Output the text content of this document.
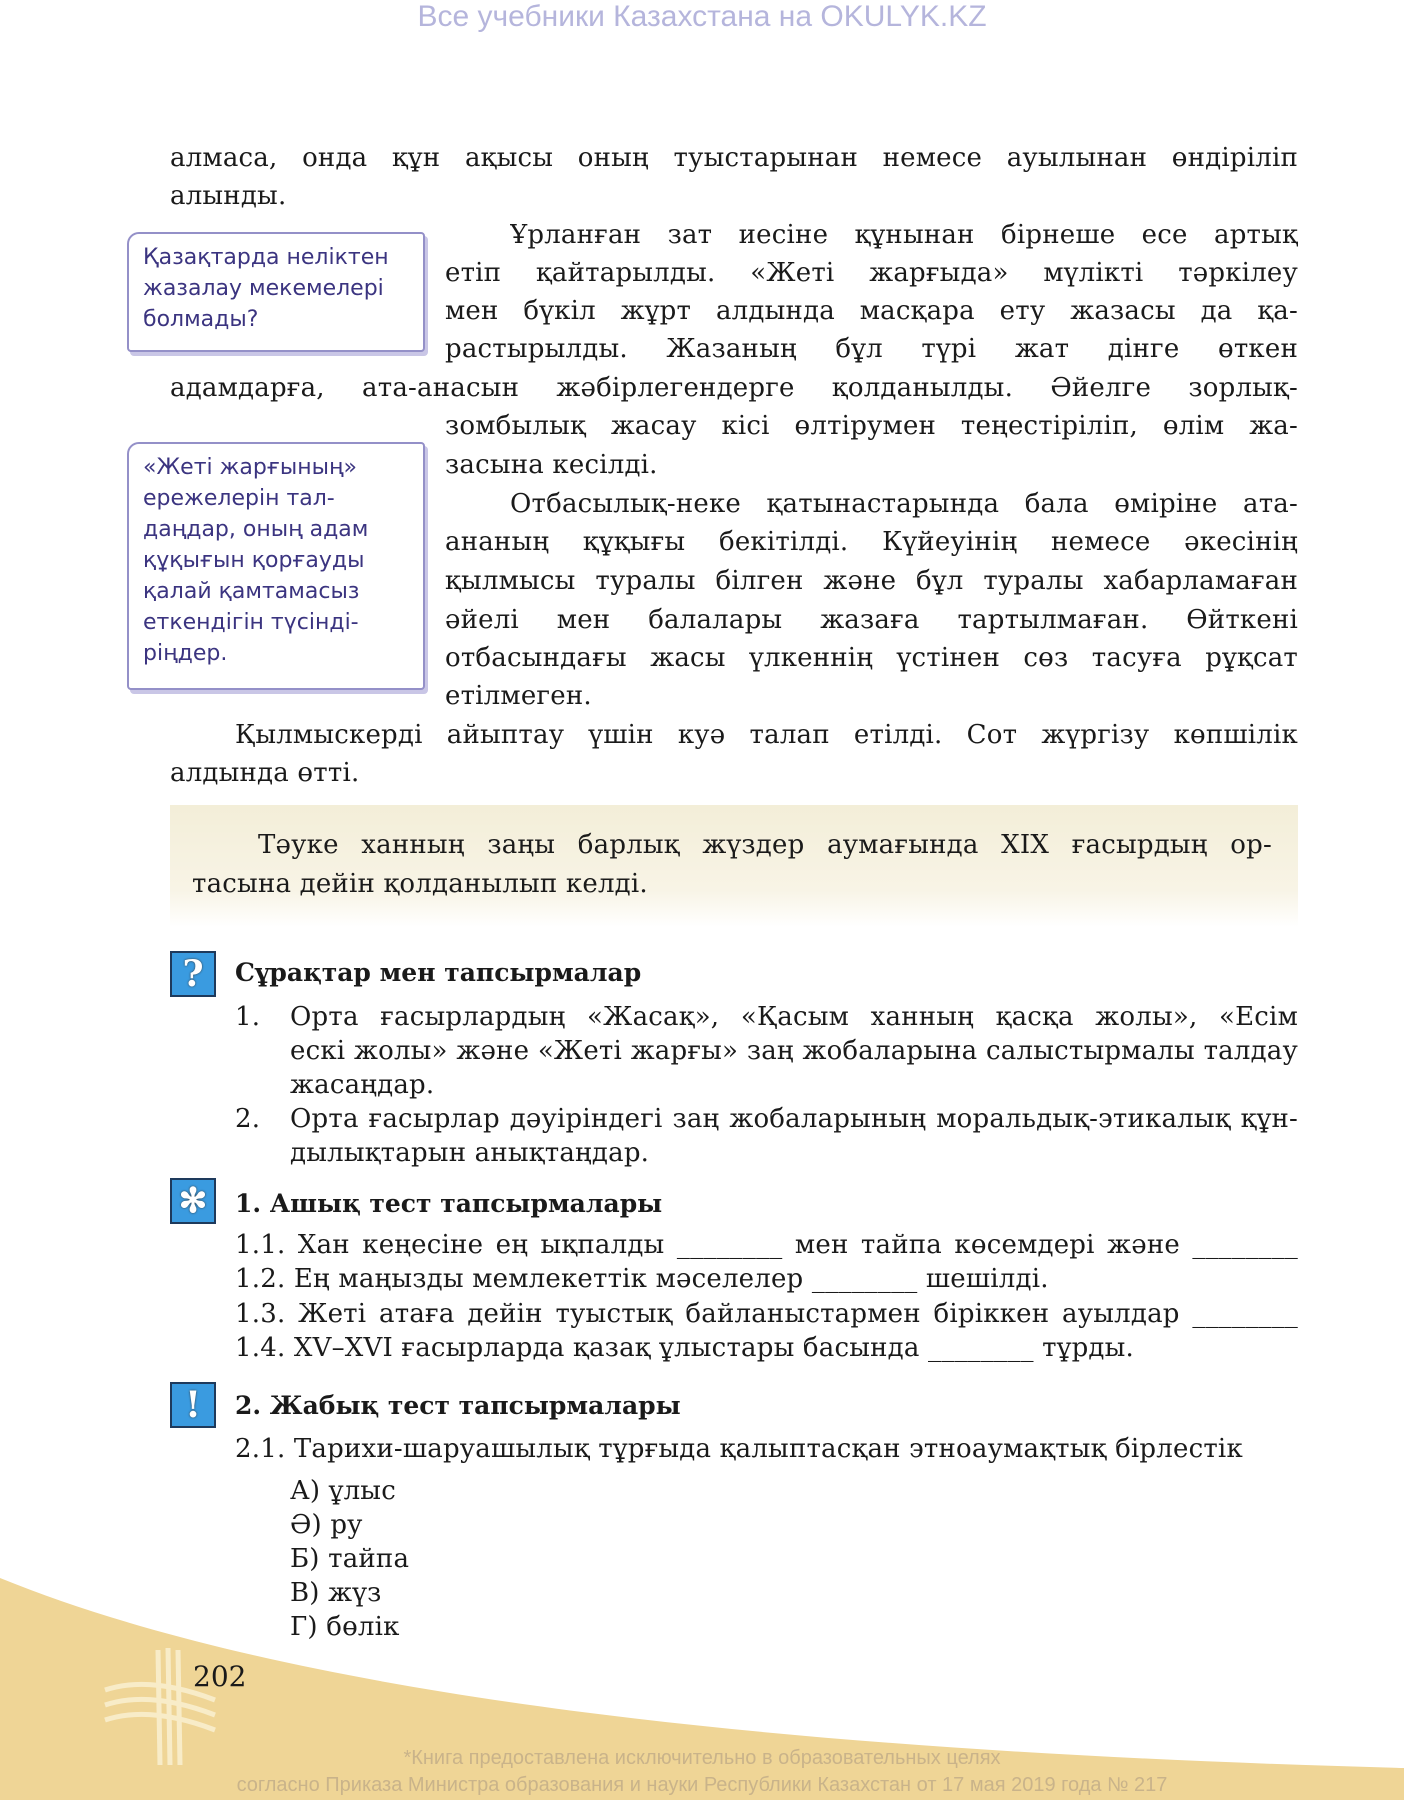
Все учебники Казахстана на OKULYK.KZ
алмаса, онда құн ақысы оның туыстарынан немесе ауылынан өндіріліп
алынды.
Ұрланған зат иесіне құнынан бірнеше есе артық
етіп қайтарылды. «Жеті жарғыда» мүлікті тәркілеу
мен бүкіл жұрт алдында масқара ету жазасы да қа-
растырылды. Жазаның бұл түрі жат дінге өткен
адамдарға, ата-анасын жәбірлегендерге қолданылды. Әйелге зорлық-
зомбылық жасау кісі өлтірумен теңестіріліп, өлім жа-
засына кесілді.
Отбасылық-неке қатынастарында бала өміріне ата-
ананың құқығы бекітілді. Күйеуінің немесе әкесінің
қылмысы туралы білген және бұл туралы хабарламаған
әйелі мен балалары жазаға тартылмаған. Өйткені
отбасындағы жасы үлкеннің үстінен сөз тасуға рұқсат
етілмеген.
Қылмыскерді айыптау үшін куә талап етілді. Сот жүргізу көпшілік
алдында өтті.
Қазақтарда неліктен жазалау мекемелері болмады?
«Жеті жарғының» ережелерін тал-даңдар, оның адам құқығын қорғауды қалай қамтамасыз еткендігін түсінді-ріңдер.
Тәуке ханның заңы барлық жүздер аумағында XIX ғасырдың ор-
тасына дейін қолданылып келді.
?	Сұрақтар мен тапсырмалар
1. Орта ғасырлардың «Жасақ», «Қасым ханның қасқа жолы», «Есім
ескі жолы» және «Жеті жарғы» заң жобаларына салыстырмалы талдау
жасаңдар.
2. Орта ғасырлар дәуіріндегі заң жобаларының моральдық-этикалық құн-
дылықтарын анықтаңдар.
✻	1. Ашық тест тапсырмалары
1.1. Хан кеңесіне ең ықпалды ________ мен тайпа көсемдері және ________
1.2. Ең маңызды мемлекеттік мәселелер ________ шешілді.
1.3. Жеті атаға дейін туыстық байланыстармен біріккен ауылдар ________
1.4. XV–XVI ғасырларда қазақ ұлыстары басында ________ тұрды.
!	2. Жабық тест тапсырмалары
2.1. Тарихи-шаруашылық тұрғыда қалыптасқан этноаумақтық бірлестік
А) ұлыс
Ә) ру
Б) тайпа
В) жүз
Г) бөлік
202
*Книга предоставлена исключительно в образовательных целях
согласно Приказа Министра образования и науки Республики Казахстан от 17 мая 2019 года № 217
